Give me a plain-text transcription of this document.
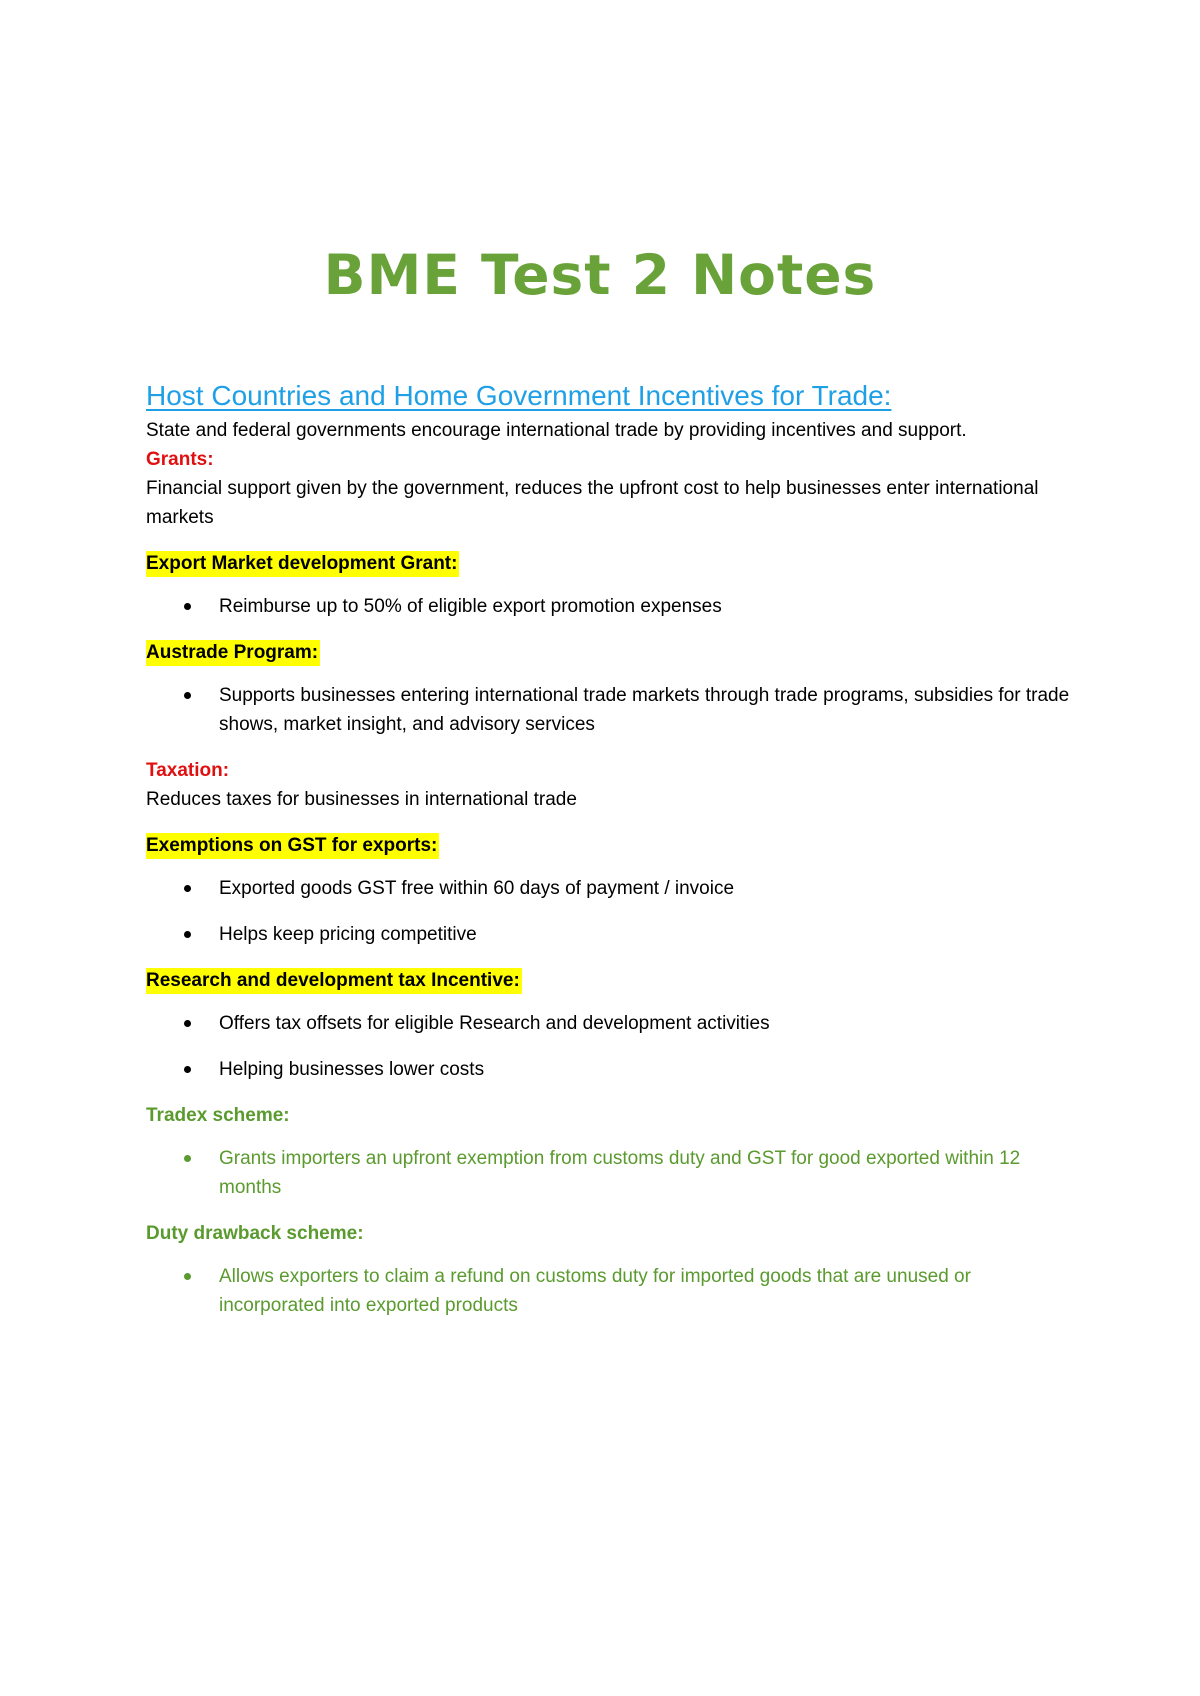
BME Test 2 Notes
Host Countries and Home Government Incentives for Trade:

State and federal governments encourage international trade by providing incentives and support.

Grants:

Financial support given by the government, reduces the upfront cost to help businesses enter international markets

Export Market development Grant:
Reimburse up to 50% of eligible export promotion expenses
Austrade Program:
Supports businesses entering international trade markets through trade programs, subsidies for trade shows, market insight, and advisory services

Taxation:

Reduces taxes for businesses in international trade

Exemptions on GST for exports:
Exported goods GST free within 60 days of payment / invoice
Helps keep pricing competitive
Research and development tax Incentive:
Offers tax offsets for eligible Research and development activities
Helping businesses lower costs

Tradex scheme:

Grants importers an upfront exemption from customs duty and GST for good exported within 12 months

Duty drawback scheme:

Allows exporters to claim a refund on customs duty for imported goods that are unused or incorporated into exported products
